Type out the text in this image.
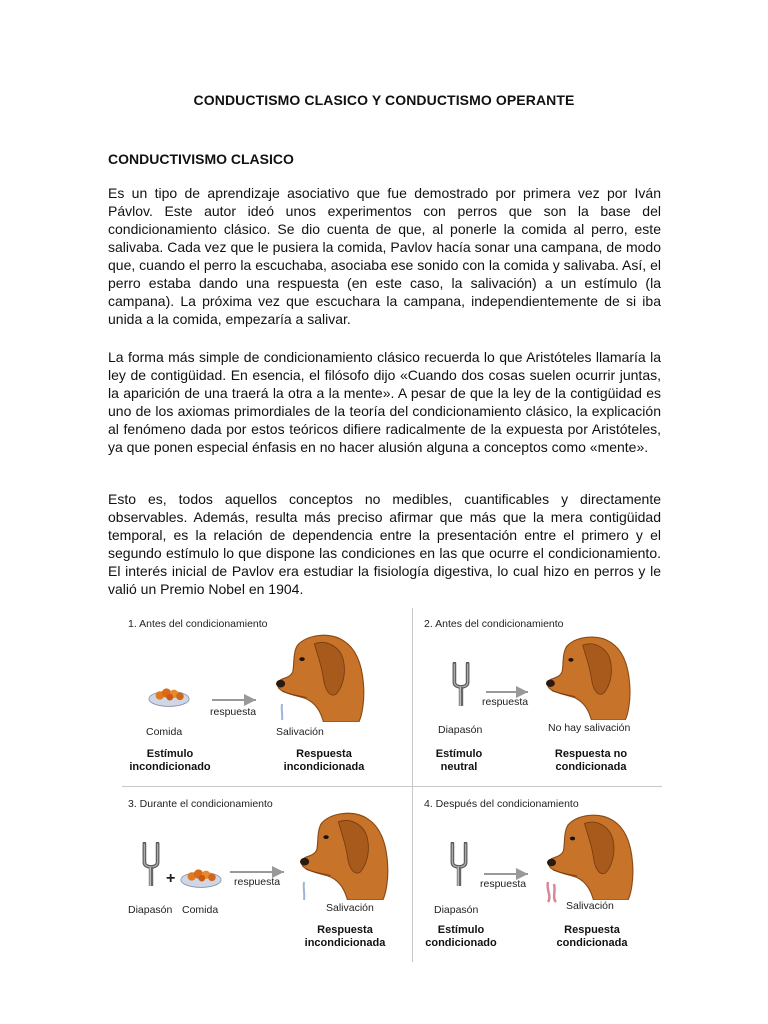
CONDUCTISMO CLASICO Y CONDUCTISMO OPERANTE
CONDUCTIVISMO CLASICO

Es un tipo de aprendizaje asociativo que fue demostrado por primera vez por Iván Pávlov. Este autor ideó unos experimentos con perros que son la base del condicionamiento clásico. Se dio cuenta de que, al ponerle la comida al perro, este salivaba. Cada vez que le pusiera la comida, Pavlov hacía sonar una campana, de modo que, cuando el perro la escuchaba, asociaba ese sonido con la comida y salivaba. Así, el perro estaba dando una respuesta (en este caso, la salivación) a un estímulo (la campana). La próxima vez que escuchara la campana, independientemente de si iba unida a la comida, empezaría a salivar.

La forma más simple de condicionamiento clásico recuerda lo que Aristóteles llamaría la ley de contigüidad. En esencia, el filósofo dijo «Cuando dos cosas suelen ocurrir juntas, la aparición de una traerá la otra a la mente». A pesar de que la ley de la contigüidad es uno de los axiomas primordiales de la teoría del condicionamiento clásico, la explicación al fenómeno dada por estos teóricos difiere radicalmente de la expuesta por Aristóteles, ya que ponen especial énfasis en no hacer alusión alguna a conceptos como «mente».

Esto es, todos aquellos conceptos no medibles, cuantificables y directamente observables. Además, resulta más preciso afirmar que más que la mera contigüidad temporal, es la relación de dependencia entre la presentación entre el primero y el segundo estímulo lo que dispone las condiciones en las que ocurre el condicionamiento. El interés inicial de Pavlov era estudiar la fisiología digestiva, lo cual hizo en perros y le valió un Premio Nobel en 1904.

1. Antes del condicionamiento
Comida
respuesta
Salivación
Estímulo incondicionado
Respuesta incondicionada
2. Antes del condicionamiento
Diapasón
respuesta
No hay salivación
Estímulo neutral
Respuesta no condicionada
3. Durante el condicionamiento
+
Diapasón Comida
respuesta
Salivación
Respuesta incondicionada
4. Después del condicionamiento
Diapasón
respuesta
Salivación
Estímulo condicionado
Respuesta condicionada
